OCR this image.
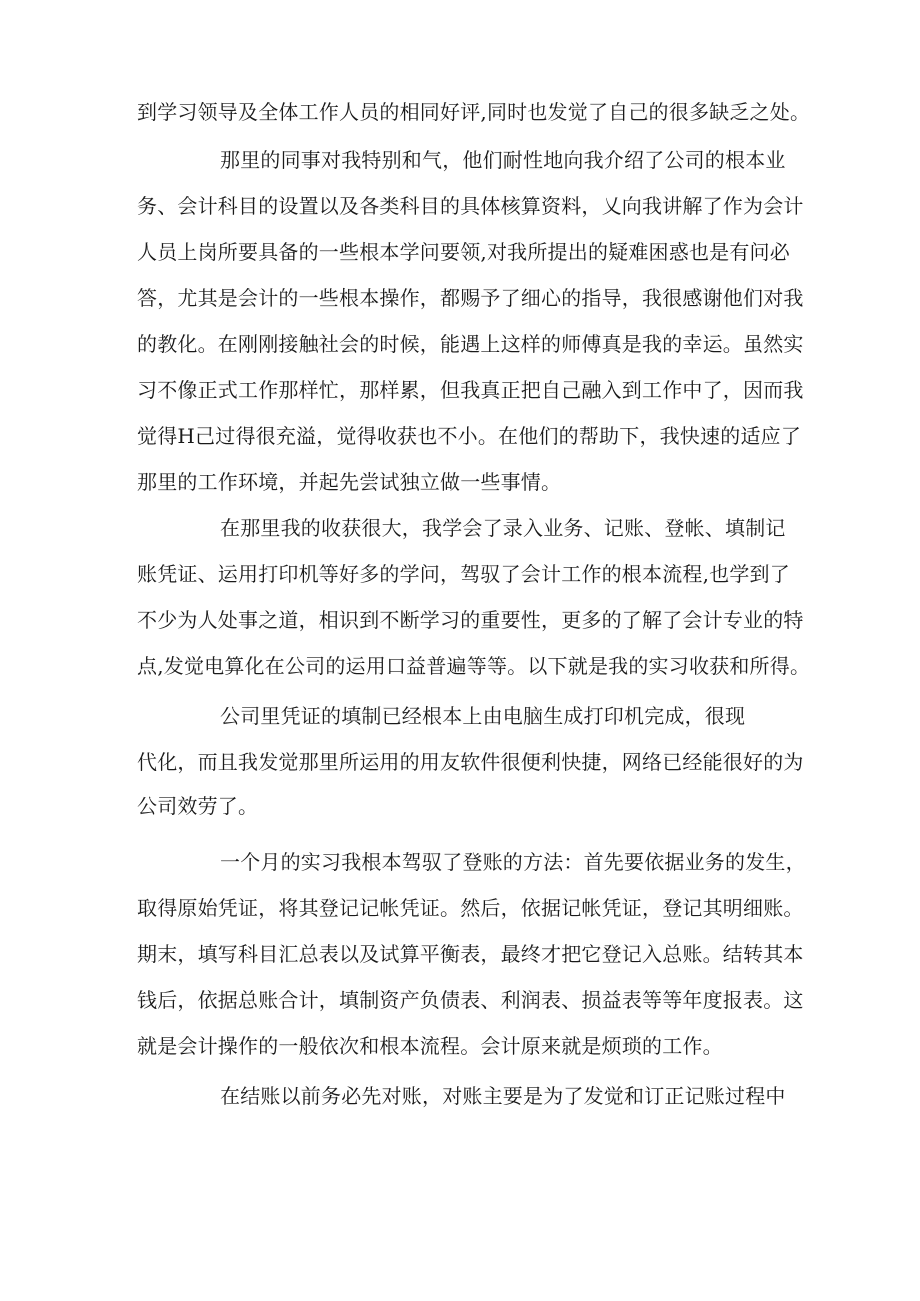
到学习领导及全体工作人员的相同好评,同时也发觉了自己的很多缺乏之处。
那里的同事对我特别和气，他们耐性地向我介绍了公司的根本业
务、会计科目的设置以及各类科目的具体核算资料，乂向我讲解了作为会计
人员上岗所要具备的一些根本学问要领,对我所提出的疑难困惑也是有问必
答，尤其是会计的一些根本操作，都赐予了细心的指导，我很感谢他们对我
的教化。在刚刚接触社会的时候，能遇上这样的师傅真是我的幸运。虽然实
习不像正式工作那样忙，那样累，但我真正把自己融入到工作中了，因而我
觉得H己过得很充溢，觉得收获也不小。在他们的帮助下，我快速的适应了
那里的工作环境，并起先尝试独立做一些事情。
在那里我的收获很大，我学会了录入业务、记账、登帐、填制记
账凭证、运用打印机等好多的学问，驾驭了会计工作的根本流程,也学到了
不少为人处事之道，相识到不断学习的重要性，更多的了解了会计专业的特
点,发觉电算化在公司的运用口益普遍等等。以下就是我的实习收获和所得。
公司里凭证的填制已经根本上由电脑生成打印机完成，很现
代化，而且我发觉那里所运用的用友软件很便利快捷，网络已经能很好的为
公司效劳了。
一个月的实习我根本驾驭了登账的方法：首先要依据业务的发生，
取得原始凭证，将其登记记帐凭证。然后，依据记帐凭证，登记其明细账。
期末，填写科目汇总表以及试算平衡表，最终才把它登记入总账。结转其本
钱后，依据总账合计，填制资产负债表、利润表、损益表等等年度报表。这
就是会计操作的一般依次和根本流程。会计原来就是烦琐的工作。
在结账以前务必先对账，对账主要是为了发觉和订正记账过程中
